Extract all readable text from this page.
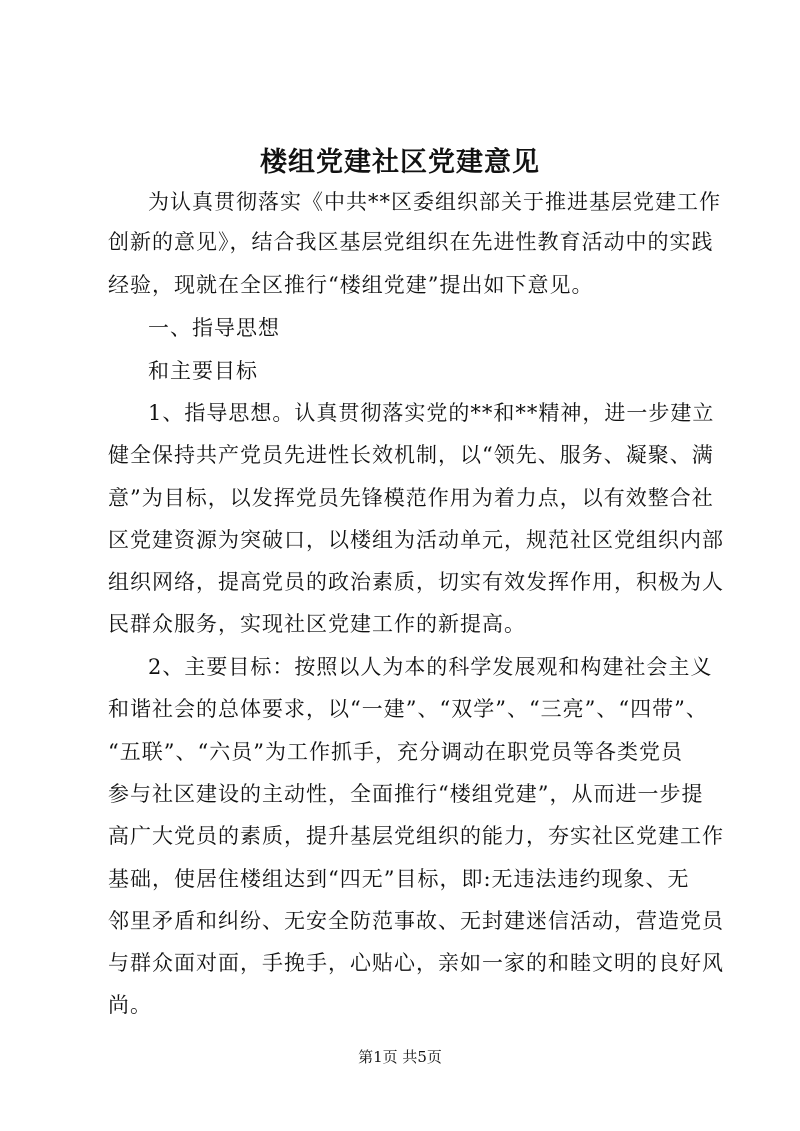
楼组党建社区党建意见
为认真贯彻落实《中共**区委组织部关于推进基层党建工作
创新的意见》，结合我区基层党组织在先进性教育活动中的实践
经验，现就在全区推行“楼组党建”提出如下意见。
一、指导思想
和主要目标
1、指导思想。认真贯彻落实党的**和**精神，进一步建立
健全保持共产党员先进性长效机制，以“领先、服务、凝聚、满
意”为目标，以发挥党员先锋模范作用为着力点，以有效整合社
区党建资源为突破口，以楼组为活动单元，规范社区党组织内部
组织网络，提高党员的政治素质，切实有效发挥作用，积极为人
民群众服务，实现社区党建工作的新提高。
2、主要目标：按照以人为本的科学发展观和构建社会主义
和谐社会的总体要求，以“一建”、“双学”、“三亮”、“四带”、
“五联”、“六员”为工作抓手，充分调动在职党员等各类党员
参与社区建设的主动性，全面推行“楼组党建”，从而进一步提
高广大党员的素质，提升基层党组织的能力，夯实社区党建工作
基础，使居住楼组达到“四无”目标，即:无违法违约现象、无
邻里矛盾和纠纷、无安全防范事故、无封建迷信活动，营造党员
与群众面对面，手挽手，心贴心，亲如一家的和睦文明的良好风
尚。
第1页 共5页
